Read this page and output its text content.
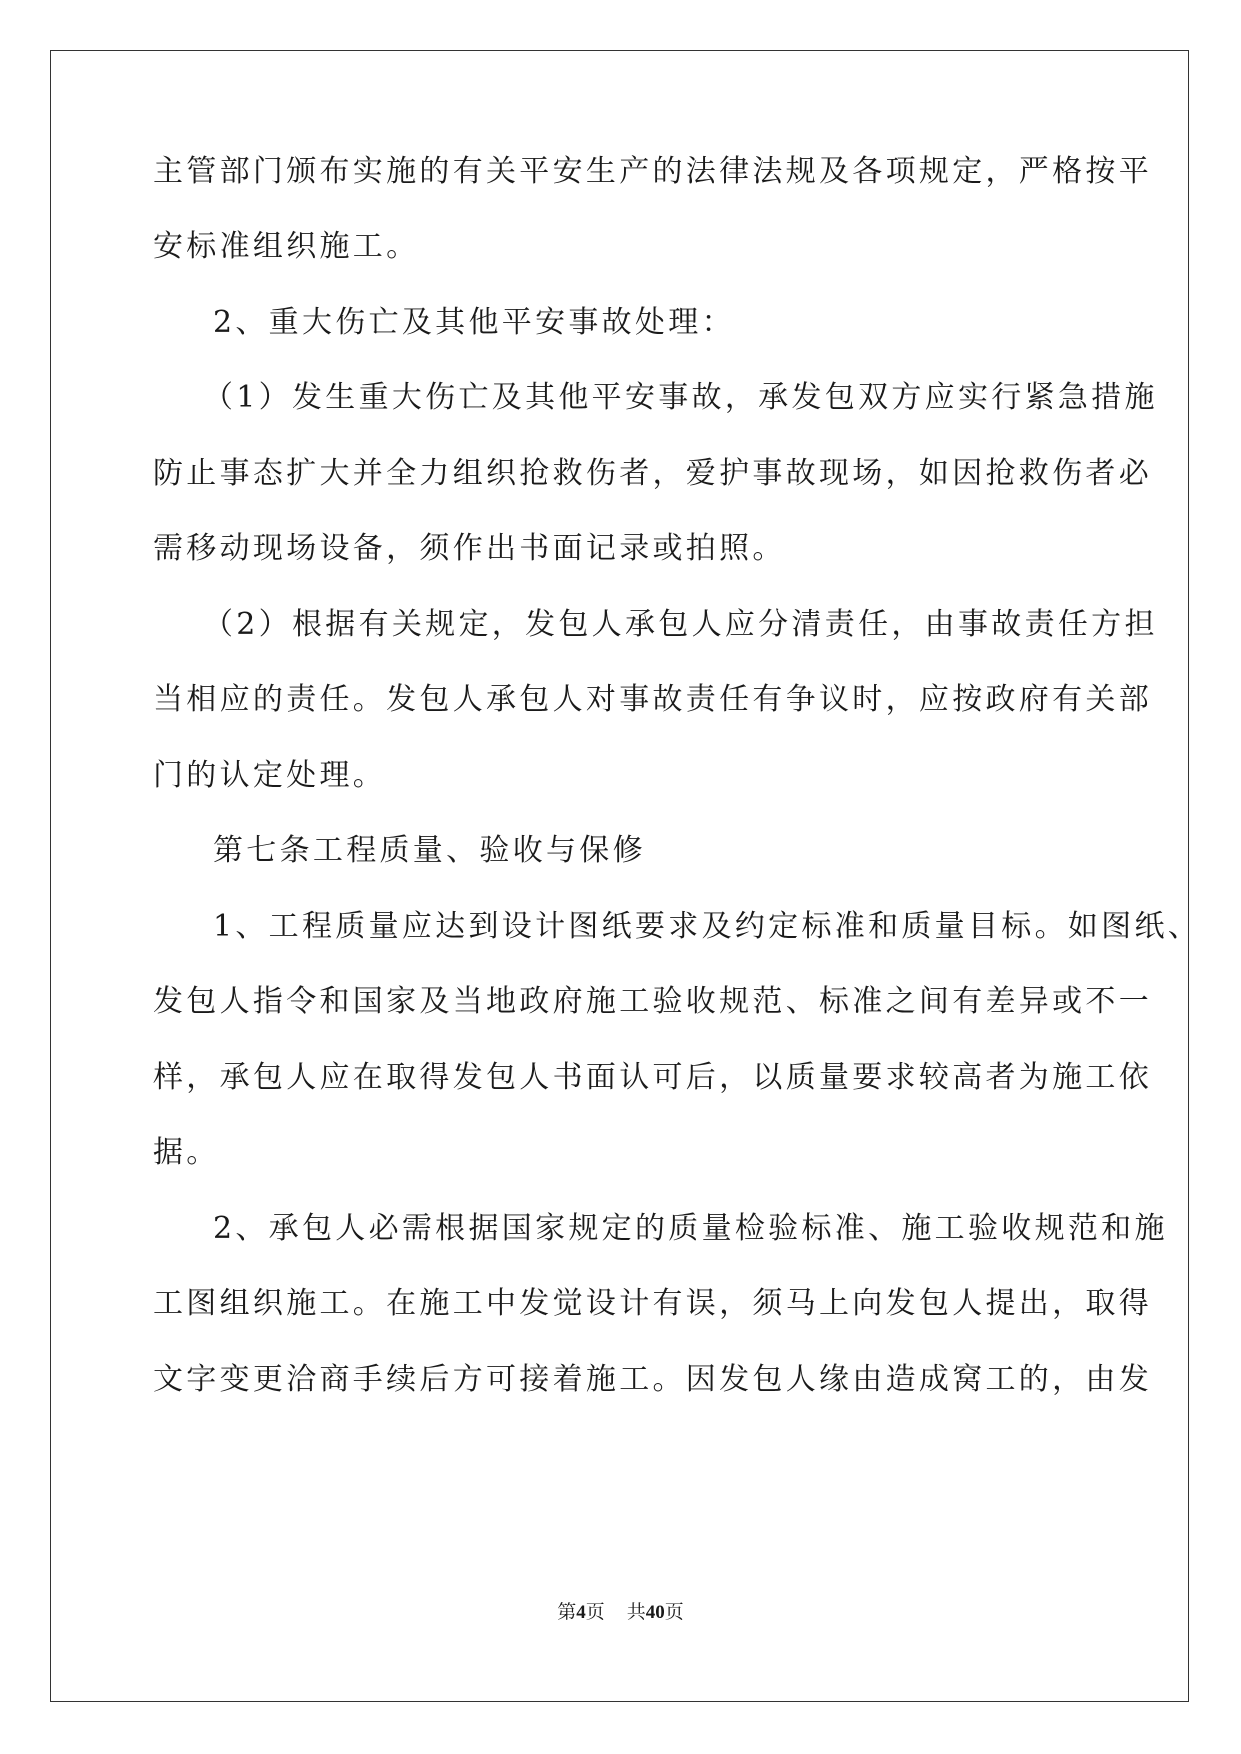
主管部门颁布实施的有关平安生产的法律法规及各项规定，严格按平
安标准组织施工。
2、重大伤亡及其他平安事故处理：
（1）发生重大伤亡及其他平安事故，承发包双方应实行紧急措施
防止事态扩大并全力组织抢救伤者，爱护事故现场，如因抢救伤者必
需移动现场设备，须作出书面记录或拍照。
（2）根据有关规定，发包人承包人应分清责任，由事故责任方担
当相应的责任。发包人承包人对事故责任有争议时，应按政府有关部
门的认定处理。
第七条工程质量、验收与保修
1、工程质量应达到设计图纸要求及约定标准和质量目标。如图纸、
发包人指令和国家及当地政府施工验收规范、标准之间有差异或不一
样，承包人应在取得发包人书面认可后，以质量要求较高者为施工依
据。
2、承包人必需根据国家规定的质量检验标准、施工验收规范和施
工图组织施工。在施工中发觉设计有误，须马上向发包人提出，取得
文字变更洽商手续后方可接着施工。因发包人缘由造成窝工的，由发
第4页 共40页
